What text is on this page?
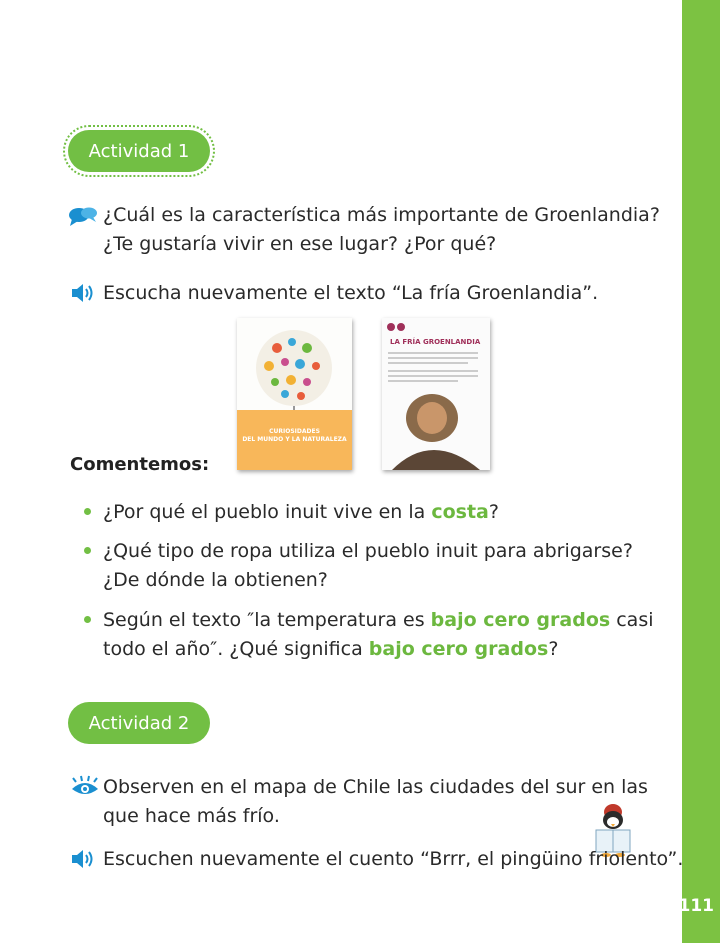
111
Actividad 1
¿Cuál es la característica más importante de Groenlandia?
¿Te gustaría vivir en ese lugar? ¿Por qué?
Escucha nuevamente el texto “La fría Groenlandia”.
CURIOSIDADES
DEL MUNDO Y LA NATURALEZA
LA FRÍA GROENLANDIA
Comentemos:
¿Por qué el pueblo inuit vive en la costa?
¿Qué tipo de ropa utiliza el pueblo inuit para abrigarse?
¿De dónde la obtienen?
Según el texto ″la temperatura es bajo cero grados casi
todo el año″. ¿Qué significa bajo cero grados?
Actividad 2
Observen en el mapa de Chile las ciudades del sur en las
que hace más frío.
Escuchen nuevamente el cuento “Brrr, el pingüino friolento”.
